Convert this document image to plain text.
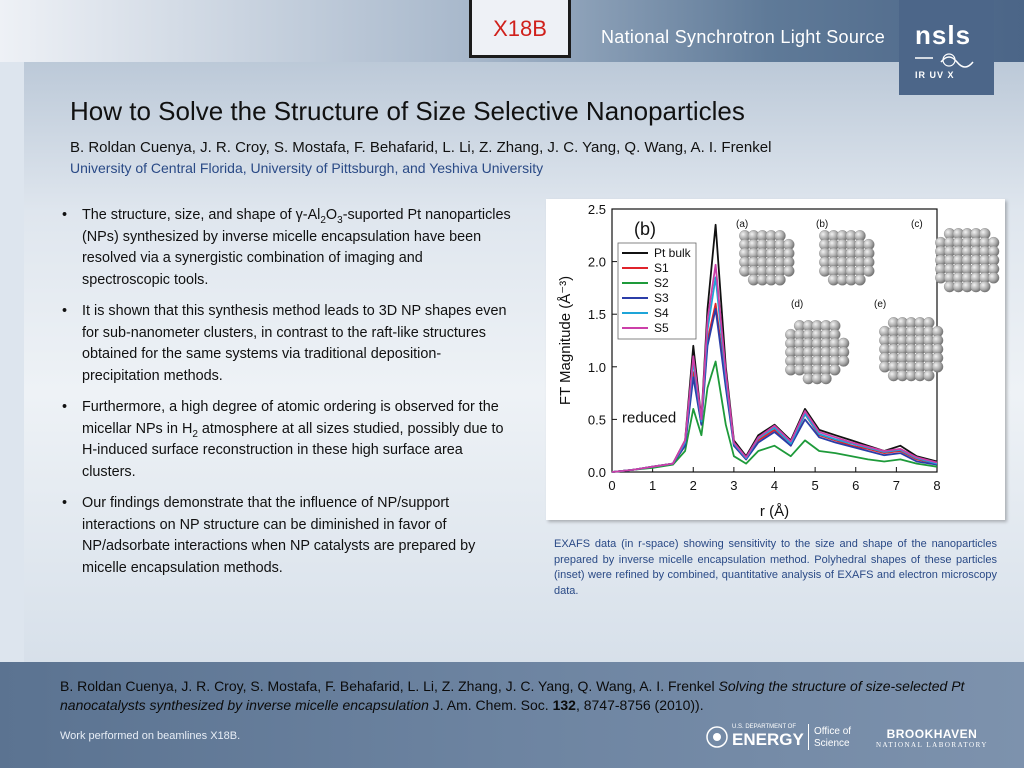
X18B	National Synchrotron Light Source nsls
IR UV X
How to Solve the Structure of Size Selective Nanoparticles
B. Roldan Cuenya, J. R. Croy, S. Mostafa, F. Behafarid, L. Li, Z. Zhang, J. C. Yang, Q. Wang, A. I. Frenkel
University of Central Florida, University of Pittsburgh, and Yeshiva University
• The structure, size, and shape of $\gamma-Al_2O_3$-suported Pt nanoparticles (NPs) synthesized by inverse micelle encapsulation have been resolved via a synergistic combination of imaging and spectroscopic tools.
• It is shown that this synthesis method leads to 3D NP shapes even for sub-nanometer clusters, in contrast to the raft-like structures obtained for the same systems via traditional deposition-precipitation methods.
• Furthermore, a high degree of atomic ordering is observed for the micellar NPs in $H_2$ atmosphere at all sizes studied, possibly due to H-induced surface reconstruction in these high surface area clusters.
• Our findings demonstrate that the influence of NP/support interactions on NP structure can be diminished in favor of NP/adsorbate interactions when NP catalysts are prepared by micelle encapsulation methods.
0	1	2	3	4	5	6	7	8
0.0
0.5
1.0
1.5
2.0
2.5
r (Å)
FT Magnitude (Å⁻³)
Pt bulk
S1
S2
S3
S4
S5
(b)
reduced
(a)	(b)	(c)
(d)	(e)
EXAFS data (in r-space) showing sensitivity to the size and shape of the nanoparticles prepared by inverse micelle encapsulation method. Polyhedral shapes of these particles (inset) were refined by combined, quantitative analysis of EXAFS and electron microscopy data.
B. Roldan Cuenya, J. R. Croy, S. Mostafa, F. Behafarid, L. Li, Z. Zhang, J. C. Yang, Q. Wang, A. I. Frenkel Solving the structure of size-selected Pt nanocatalysts synthesized by inverse micelle encapsulation J. Am. Chem. Soc. 132, 8747-8756 (2010)).
Work performed on beamlines X18B.
U.S. DEPARTMENT OF
ENERGY Office of
Science
BROOKHAVEN
NATIONAL LABORATORY
